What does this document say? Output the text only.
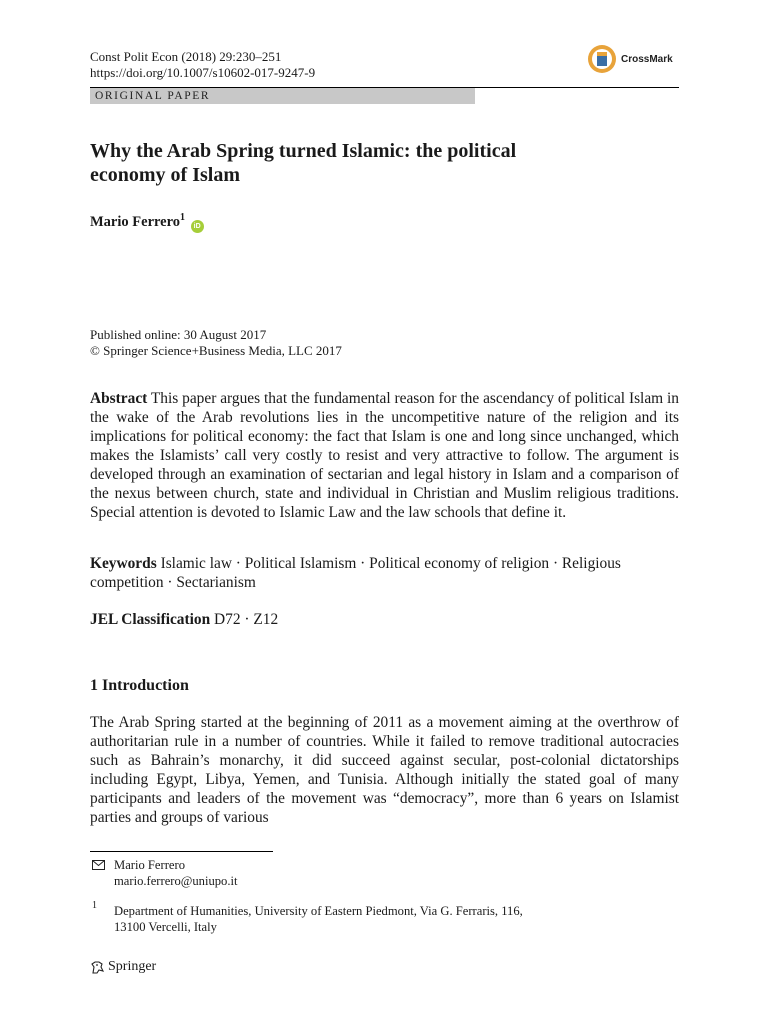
Const Polit Econ (2018) 29:230–251
https://doi.org/10.1007/s10602-017-9247-9
CrossMark
ORIGINAL PAPER
Why the Arab Spring turned Islamic: the political
economy of Islam
Mario Ferrero$^1$ iD
Published online: 30 August 2017
© Springer Science+Business Media, LLC 2017

Abstract This paper argues that the fundamental reason for the ascendancy of political Islam in the wake of the Arab revolutions lies in the uncompetitive nature of the religion and its implications for political economy: the fact that Islam is one and long since unchanged, which makes the Islamists’ call very costly to resist and very attractive to follow. The argument is developed through an examination of sectarian and legal history in Islam and a comparison of the nexus between church, state and individual in Christian and Muslim religious traditions. Special attention is devoted to Islamic Law and the law schools that define it.

Keywords Islamic law · Political Islamism · Political economy of religion · Religious competition · Sectarianism

JEL Classification D72 · Z12

1 Introduction

The Arab Spring started at the beginning of 2011 as a movement aiming at the overthrow of authoritarian rule in a number of countries. While it failed to remove traditional autocracies such as Bahrain’s monarchy, it did succeed against secular, post-colonial dictatorships including Egypt, Libya, Yemen, and Tunisia. Although initially the stated goal of many participants and leaders of the movement was “democracy”, more than 6 years on Islamist parties and groups of various

Mario Ferrero
mario.ferrero@uniupo.it
1 Department of Humanities, University of Eastern Piedmont, Via G. Ferraris, 116,
13100 Vercelli, Italy
Springer
